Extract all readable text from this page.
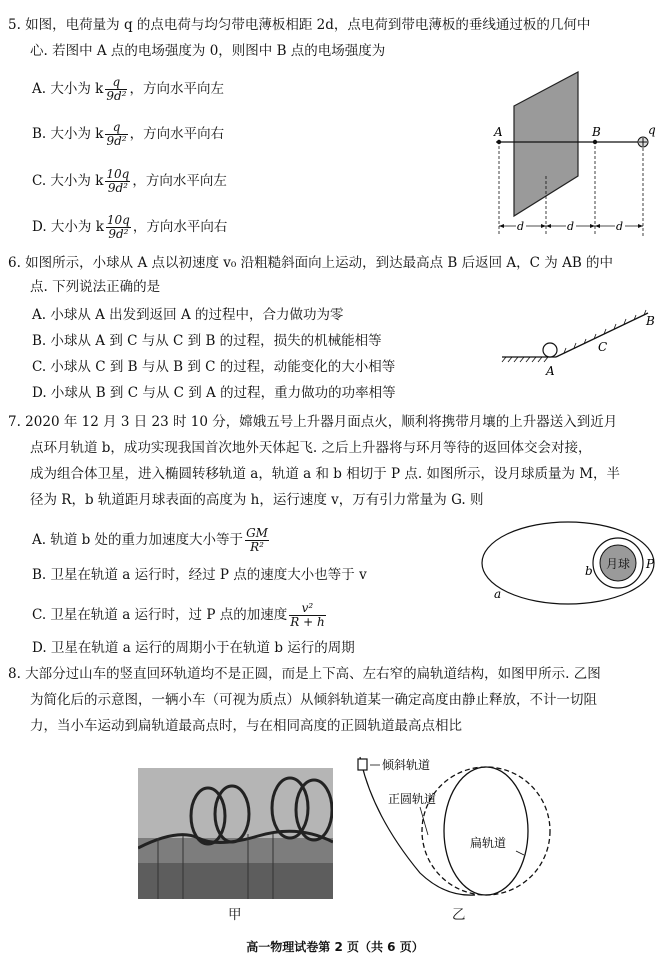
5. 如图，电荷量为 q 的点电荷与均匀带电薄板相距 2d，点电荷到带电薄板的垂线通过板的几何中
心. 若图中 A 点的电场强度为 0，则图中 B 点的电场强度为
A. 大小为 k $\frac{q}{\text{9d²}}$ ，方向水平向左
B. 大小为 k $\frac{q}{\text{9d²}}$ ，方向水平向右
C. 大小为 k $\frac{10q}{\text{9d²}}$ ，方向水平向左
D. 大小为 k $\frac{10q}{\text{9d²}}$ ，方向水平向右
A	B	q
d	d	d
6. 如图所示，小球从 A 点以初速度 v₀ 沿粗糙斜面向上运动，到达最高点 B 后返回 A，C 为 AB 的中
点. 下列说法正确的是
A. 小球从 A 出发到返回 A 的过程中，合力做功为零
B. 小球从 A 到 C 与从 C 到 B 的过程，损失的机械能相等
C. 小球从 C 到 B 与从 B 到 C 的过程，动能变化的大小相等
D. 小球从 B 到 C 与从 C 到 A 的过程，重力做功的功率相等
A
C
B
7. 2020 年 12 月 3 日 23 时 10 分，嫦娥五号上升器月面点火，顺利将携带月壤的上升器送入到近月
点环月轨道 b，成功实现我国首次地外天体起飞. 之后上升器将与环月等待的返回体交会对接，
成为组合体卫星，进入椭圆转移轨道 a，轨道 a 和 b 相切于 P 点. 如图所示，设月球质量为 M，半
径为 R，b 轨道距月球表面的高度为 h，运行速度 v，万有引力常量为 G. 则
A. 轨道 b 处的重力加速度大小等于 $\frac{GM}{\text{R²}}$
B. 卫星在轨道 a 运行时，经过 P 点的速度大小也等于 v
C. 卫星在轨道 a 运行时，过 P 点的加速度 $\frac{\text{v²}}{R + h}$
D. 卫星在轨道 a 运行的周期小于在轨道 b 运行的周期
月球
b
a
P
8. 大部分过山车的竖直回环轨道均不是正圆，而是上下高、左右窄的扁轨道结构，如图甲所示. 乙图
为简化后的示意图，一辆小车（可视为质点）从倾斜轨道某一确定高度由静止释放，不计一切阻
力，当小车运动到扁轨道最高点时，与在相同高度的正圆轨道最高点相比
甲
倾斜轨道
正圆轨道
扁轨道
乙
高一物理试卷第 2 页（共 6 页）
